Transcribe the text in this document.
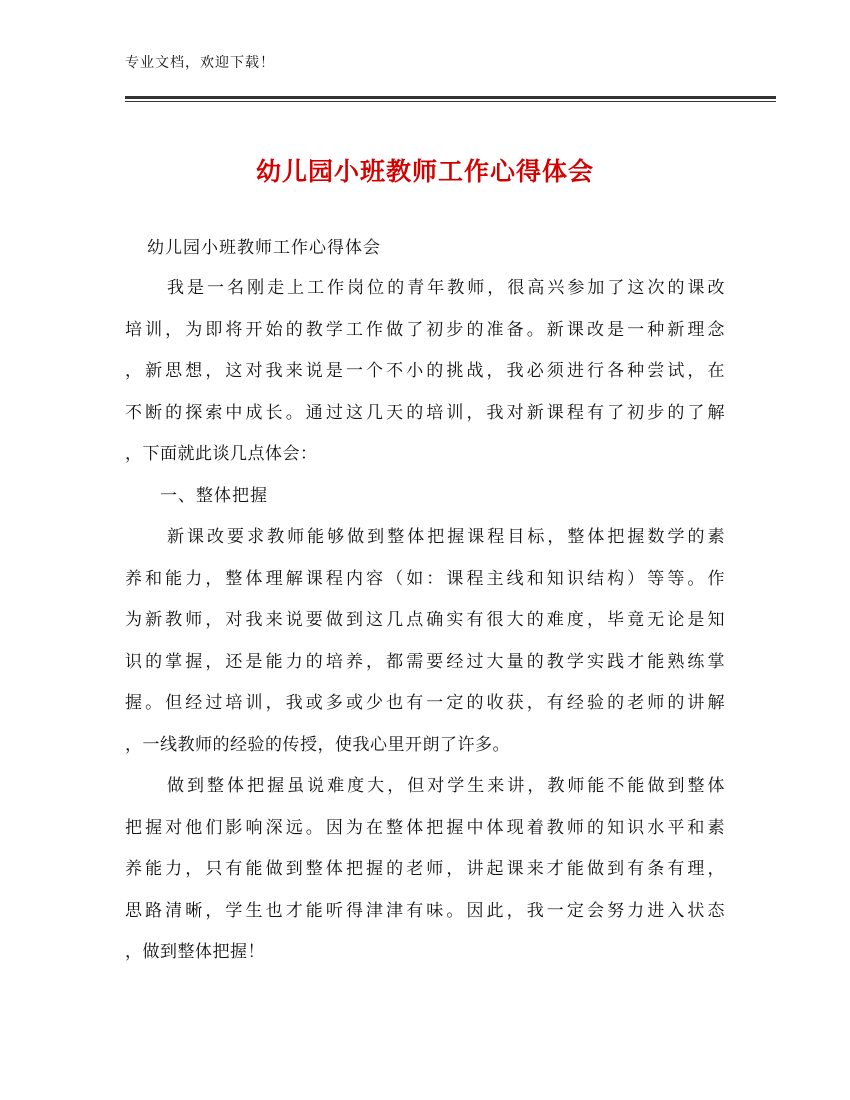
专业文档，欢迎下载！
幼儿园小班教师工作心得体会
幼儿园小班教师工作心得体会
我是一名刚走上工作岗位的青年教师，很高兴参加了这次的课改
培训，为即将开始的教学工作做了初步的准备。新课改是一种新理念
，新思想，这对我来说是一个不小的挑战，我必须进行各种尝试，在
不断的探索中成长。通过这几天的培训，我对新课程有了初步的了解
，下面就此谈几点体会：
一、整体把握
新课改要求教师能够做到整体把握课程目标，整体把握数学的素
养和能力，整体理解课程内容（如：课程主线和知识结构）等等。作
为新教师，对我来说要做到这几点确实有很大的难度，毕竟无论是知
识的掌握，还是能力的培养，都需要经过大量的教学实践才能熟练掌
握。但经过培训，我或多或少也有一定的收获，有经验的老师的讲解
，一线教师的经验的传授，使我心里开朗了许多。
做到整体把握虽说难度大，但对学生来讲，教师能不能做到整体
把握对他们影响深远。因为在整体把握中体现着教师的知识水平和素
养能力，只有能做到整体把握的老师，讲起课来才能做到有条有理，
思路清晰，学生也才能听得津津有味。因此，我一定会努力进入状态
，做到整体把握！
